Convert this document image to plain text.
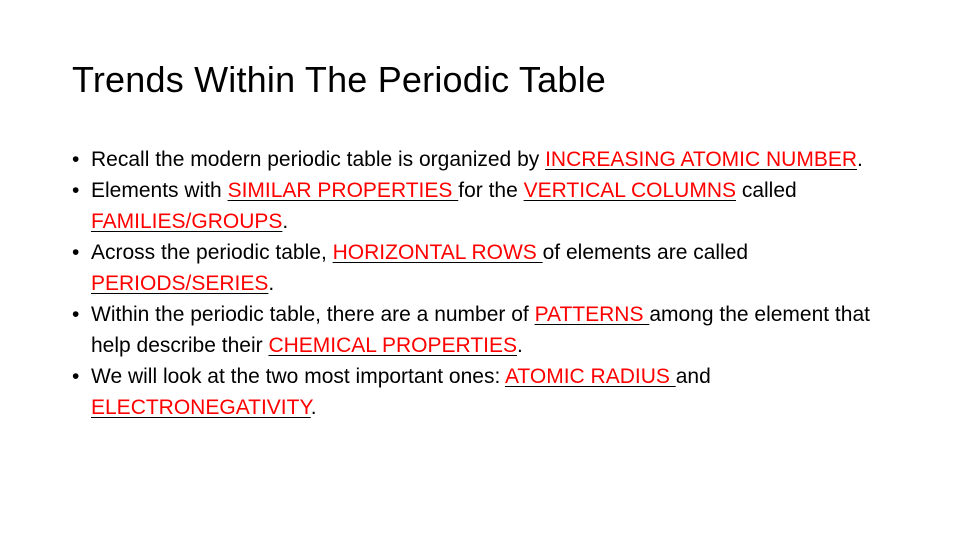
Trends Within The Periodic Table
• Recall the modern periodic table is organized by INCREASING ATOMIC NUMBER.
• Elements with SIMILAR PROPERTIES for the VERTICAL COLUMNS called FAMILIES/GROUPS.
• Across the periodic table, HORIZONTAL ROWS of elements are called PERIODS/SERIES.
• Within the periodic table, there are a number of PATTERNS among the element that help describe their CHEMICAL PROPERTIES.
• We will look at the two most important ones: ATOMIC RADIUS and ELECTRONEGATIVITY.
